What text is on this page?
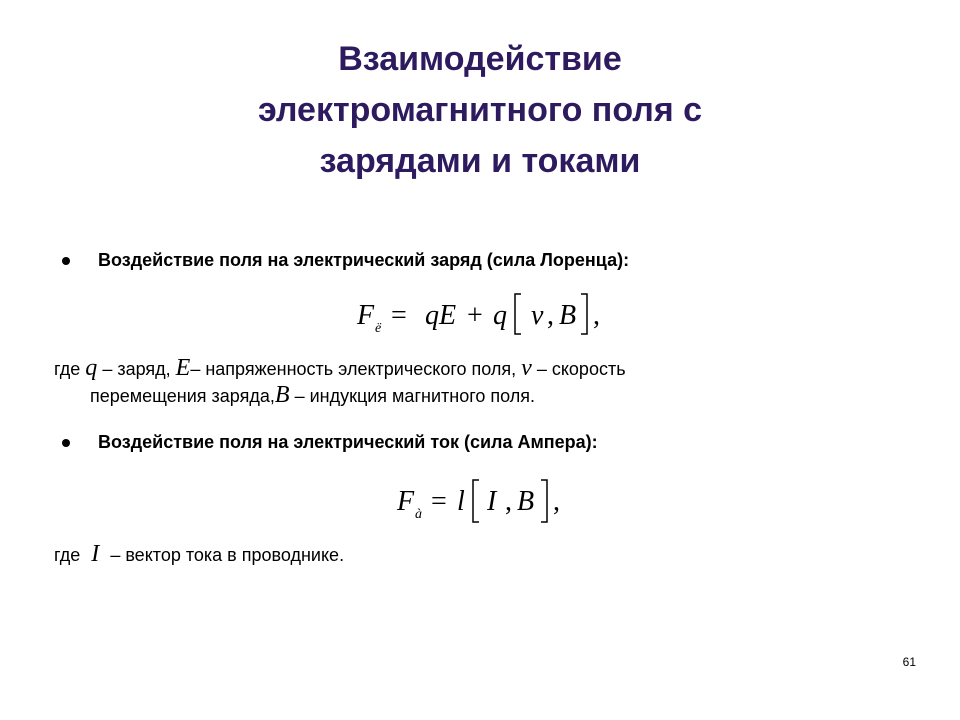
Взаимодействие
электромагнитного поля с
зарядами и токами
Воздействие поля на электрический заряд (сила Лоренца):
F ё = qE + q v , B ,
где q – заряд, E– напряженность электрического поля, v – скорость
перемещения заряда,B – индукция магнитного поля.
Воздействие поля на электрический ток (сила Ампера):
F à = l I , B ,
где I – вектор тока в проводнике.
61
